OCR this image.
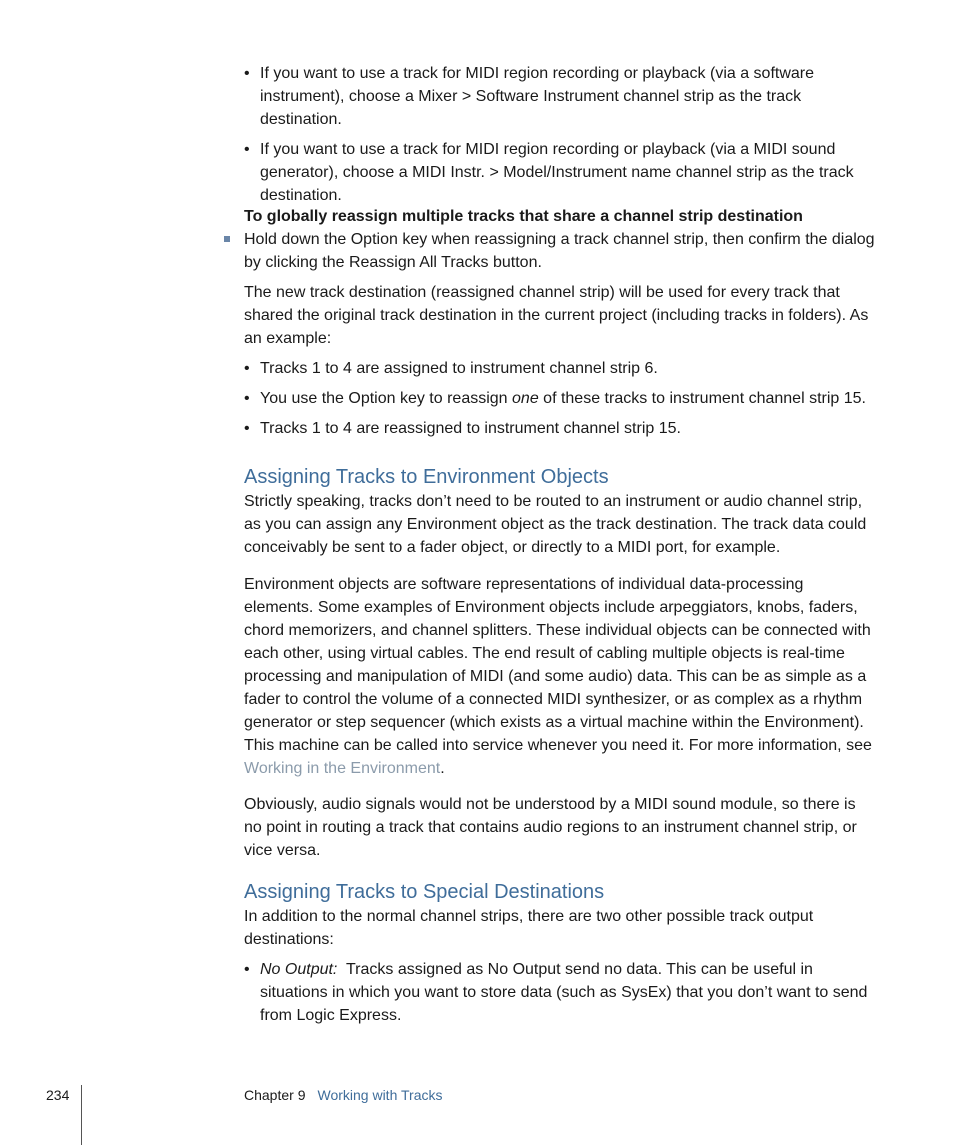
• If you want to use a track for MIDI region recording or playback (via a software instrument), choose a Mixer > Software Instrument channel strip as the track destination.
• If you want to use a track for MIDI region recording or playback (via a MIDI sound generator), choose a MIDI Instr. > Model/Instrument name channel strip as the track destination.

To globally reassign multiple tracks that share a channel strip destination

Hold down the Option key when reassigning a track channel strip, then confirm the dialog by clicking the Reassign All Tracks button.

The new track destination (reassigned channel strip) will be used for every track that shared the original track destination in the current project (including tracks in folders). As an example:

• Tracks 1 to 4 are assigned to instrument channel strip 6.
• You use the Option key to reassign one of these tracks to instrument channel strip 15.
• Tracks 1 to 4 are reassigned to instrument channel strip 15.
Assigning Tracks to Environment Objects

Strictly speaking, tracks don’t need to be routed to an instrument or audio channel strip, as you can assign any Environment object as the track destination. The track data could conceivably be sent to a fader object, or directly to a MIDI port, for example.

Environment objects are software representations of individual data-processing elements. Some examples of Environment objects include arpeggiators, knobs, faders, chord memorizers, and channel splitters. These individual objects can be connected with each other, using virtual cables. The end result of cabling multiple objects is real-time processing and manipulation of MIDI (and some audio) data. This can be as simple as a fader to control the volume of a connected MIDI synthesizer, or as complex as a rhythm generator or step sequencer (which exists as a virtual machine within the Environment). This machine can be called into service whenever you need it. For more information, see Working in the Environment.

Obviously, audio signals would not be understood by a MIDI sound module, so there is no point in routing a track that contains audio regions to an instrument channel strip, or vice versa.

Assigning Tracks to Special Destinations

In addition to the normal channel strips, there are two other possible track output destinations:

• No Output:  Tracks assigned as No Output send no data. This can be useful in situations in which you want to store data (such as SysEx) that you don’t want to send from Logic Express.
234	Chapter 9 Working with Tracks
